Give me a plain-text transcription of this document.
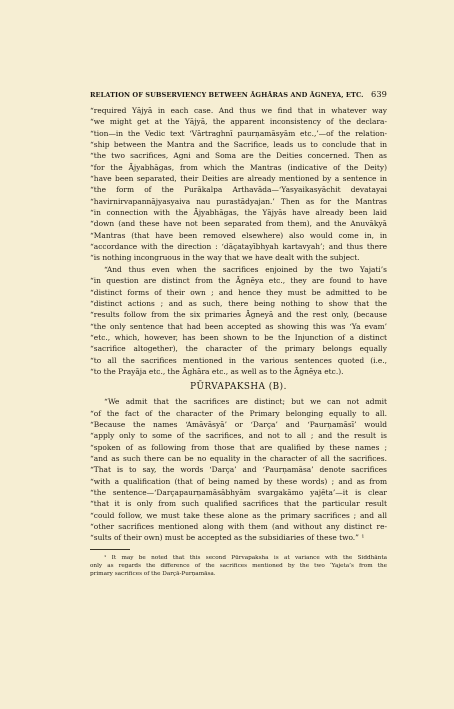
RELATION OF SUBSERVIENCY BETWEEN ĀGHĀRAS AND ĀGNEYA, ETC. 639
“required Yājyā in each case. And thus we find that in whatever way
“we might get at the Yājyā, the apparent inconsistency of the declara-
“tion—in the Vedic text ‘Vārtraghnī paurṇamāsyām etc.,’—of the relation-
“ship between the Mantra and the Sacrifice, leads us to conclude that in
“the two sacrifices, Agni and Soma are the Deities concerned. Then as
“for the Ājyabhāgas, from which the Mantras (indicative of the Deity)
“have been separated, their Deities are already mentioned by a sentence in
“the form of the Purākalpa Arthavāda—‘Yasyaikasyāchit devatayai
“havirnirvapannājyasyaiva nau purastādyajan.’ Then as for the Mantras
“in connection with the Ājyabhāgas, the Yājyās have already been laid
“down (and these have not been separated from them), and the Anuvākyā
“Mantras (that have been removed elsewhere) also would come in, in
“accordance with the direction : ‘dāçatayībhyah kartavyah’; and thus there
“is nothing incongruous in the way that we have dealt with the subject.
“And thus even when the sacrifices enjoined by the two Yajati’s
“in question are distinct from the Āgnēya etc., they are found to have
“distinct forms of their own ; and hence they must be admitted to be
“distinct actions ; and as such, there being nothing to show that the
“results follow from the six primaries Āgneyā and the rest only, (because
“the only sentence that had been accepted as showing this was ‘Ya evam’
“etc., which, however, has been shown to be the Injunction of a distinct
“sacrifice altogether), the character of the primary belongs equally
“to all the sacrifices mentioned in the various sentences quoted (i.e.,
“to the Prayāja etc., the Āghāra etc., as well as to the Āgnēya etc.).
PŪRVAPAKSHA (B).
“We admit that the sacrifices are distinct; but we can not admit
“of the fact of the character of the Primary belonging equally to all.
“Because the names ‘Amāvāsyā’ or ‘Darça’ and ‘Paurṇamāsī’ would
“apply only to some of the sacrifices, and not to all ; and the result is
“spoken of as following from those that are qualified by these names ;
“and as such there can be no equality in the character of all the sacrifices.
“That is to say, the words ‘Darça’ and ‘Paurṇamāsa’ denote sacrifices
“with a qualification (that of being named by these words) ; and as from
“the sentence—‘Darçapaurṇamāsābhyām svargakāmo yajēta’—it is clear
“that it is only from such qualified sacrifices that the particular result
“could follow, we must take these alone as the primary sacrifices ; and all
“other sacrifices mentioned along with them (and without any distinct re-
“sults of their own) must be accepted as the subsidiaries of these two.” ¹
¹ It may be noted that this second Pūrvapaksha is at variance with the Siddhānta
only as regards the difference of the sacrifices mentioned by the two ‘Yajeta’s from the
primary sacrifices of the Darçā-Purṇamāsa.
